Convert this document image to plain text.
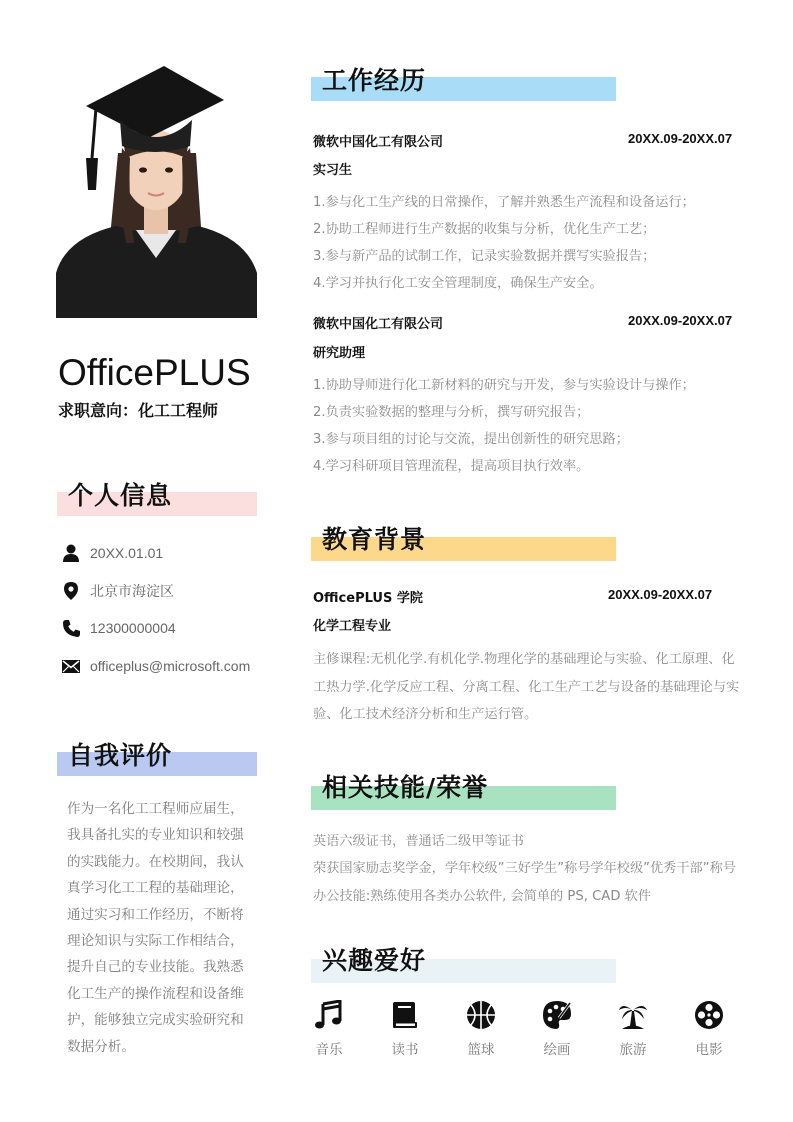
OfficePLUS
求职意向：化工工程师
个人信息
20XX.01.01
北京市海淀区
12300000004
officeplus@microsoft.com
自我评价
作为一名化工工程师应届生，我具备扎实的专业知识和较强的实践能力。在校期间，我认真学习化工工程的基础理论，通过实习和工作经历，不断将理论知识与实际工作相结合，提升自己的专业技能。我熟悉化工生产的操作流程和设备维护，能够独立完成实验研究和数据分析。
工作经历
微软中国化工有限公司	20XX.09-20XX.07
实习生
1.参与化工生产线的日常操作，了解并熟悉生产流程和设备运行；
2.协助工程师进行生产数据的收集与分析，优化生产工艺；
3.参与新产品的试制工作，记录实验数据并撰写实验报告；
4.学习并执行化工安全管理制度，确保生产安全。
微软中国化工有限公司	20XX.09-20XX.07
研究助理
1.协助导师进行化工新材料的研究与开发，参与实验设计与操作；
2.负责实验数据的整理与分析，撰写研究报告；
3.参与项目组的讨论与交流，提出创新性的研究思路；
4.学习科研项目管理流程，提高项目执行效率。
教育背景
OfficePLUS 学院	20XX.09-20XX.07
化学工程专业
主修课程:无机化学.有机化学.物理化学的基础理论与实验、化工原理、化工热力学.化学反应工程、分离工程、化工生产工艺与设备的基础理论与实验、化工技术经济分析和生产运行管。
相关技能/荣誉
英语六级证书，普通话二级甲等证书
荣获国家励志奖学金，学年校级”三好学生”称号学年校级”优秀干部”称号 办公技能:熟练使用各类办公软件, 会简单的 PS, CAD 软件
兴趣爱好
音乐	读书	篮球	绘画	旅游	电影
